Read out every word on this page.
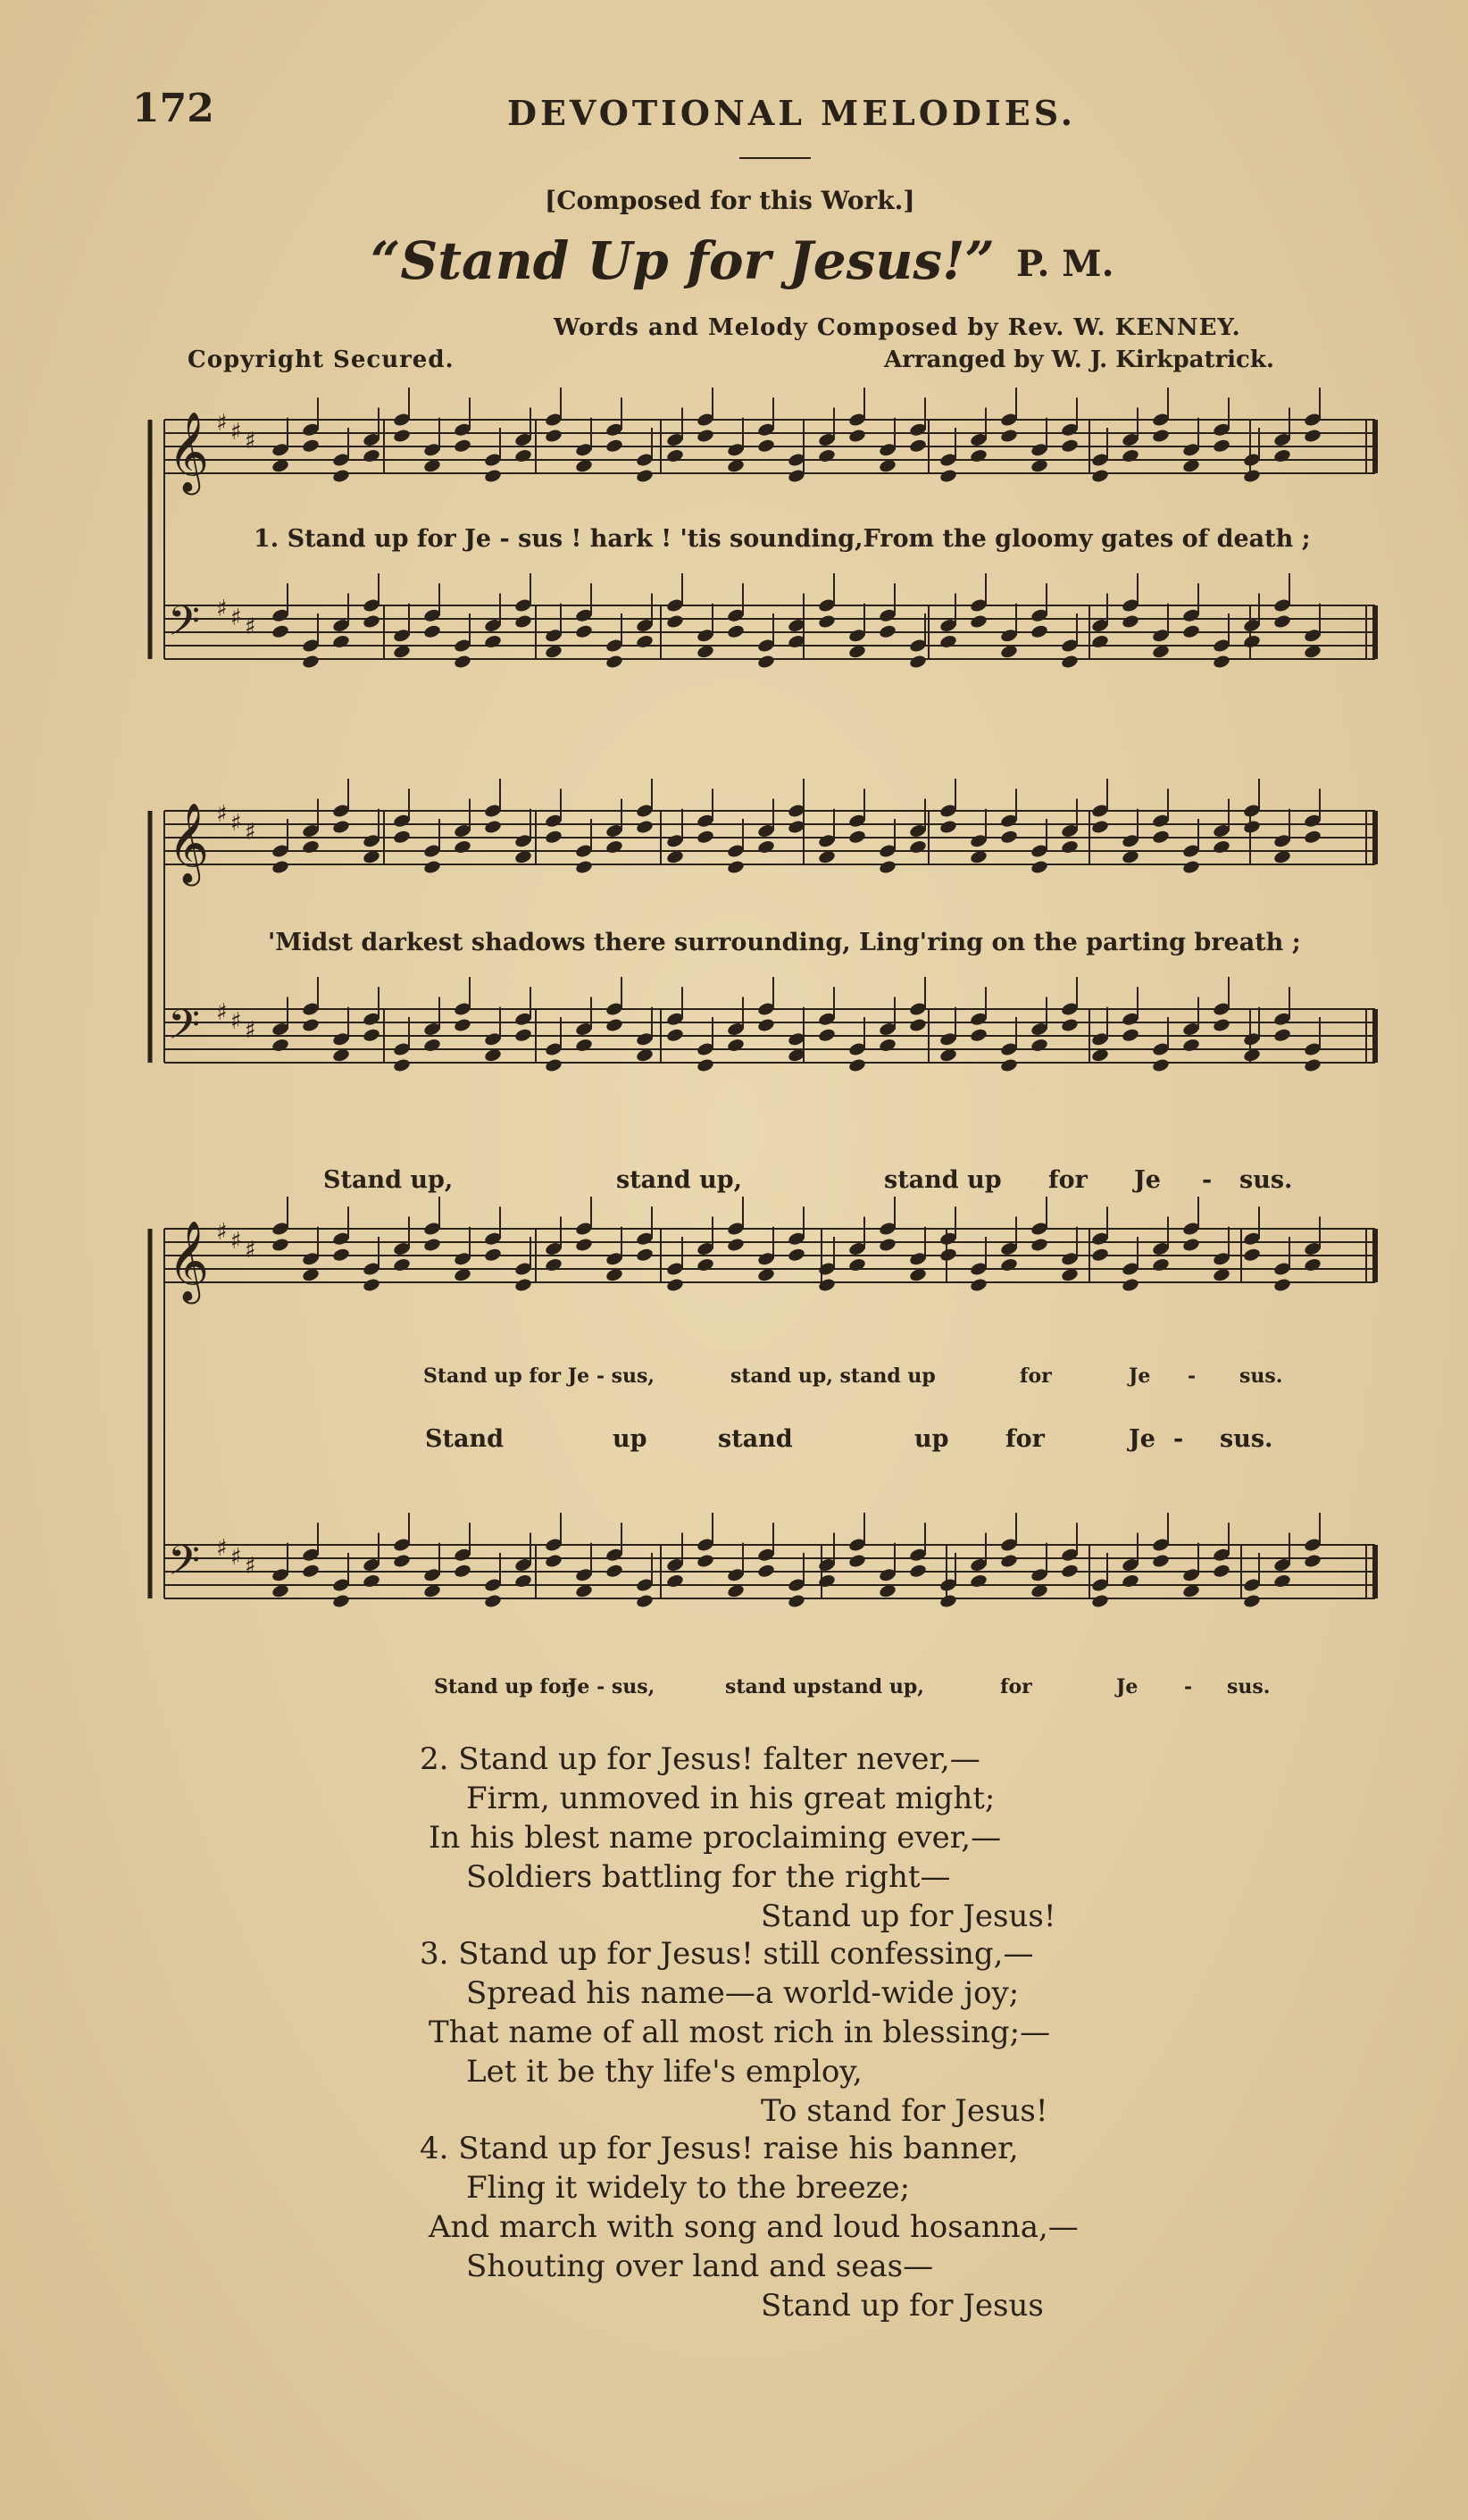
172	DEVOTIONAL MELODIES.
[Composed for this Work.]
“Stand Up for Jesus!” P. M.
Words and Melody Composed by Rev. W. KENNEY.
Copyright Secured.	Arranged by W. J. Kirkpatrick.
𝄞 ♯ ♯ ♯
𝄢 ♯ ♯ ♯
𝄞 ♯ ♯ ♯
𝄢 ♯ ♯ ♯
𝄞 ♯ ♯ ♯
𝄢 ♯ ♯ ♯
1. Stand up for Je - sus ! hark ! 'tis sounding,From the gloomy gates of death ;
'Midst darkest shadows there surrounding, Ling'ring on the parting breath ;
Stand up,	stand up,	stand up for Je - sus.
Stand up for Je - sus,	stand up, stand up	for	Je - sus.
Stand	up	stand	up for	Je - sus.
Stand up for
Je - sus,	stand up stand up,	for	Je - sus.
2. Stand up for Jesus! falter never,—
Firm, unmoved in his great might;
In his blest name proclaiming ever,—
Soldiers battling for the right—
Stand up for Jesus!
3. Stand up for Jesus! still confessing,—
Spread his name—a world-wide joy;
That name of all most rich in blessing;—
Let it be thy life's employ,
To stand for Jesus!
4. Stand up for Jesus! raise his banner,
Fling it widely to the breeze;
And march with song and loud hosanna,—
Shouting over land and seas—
Stand up for Jesus
